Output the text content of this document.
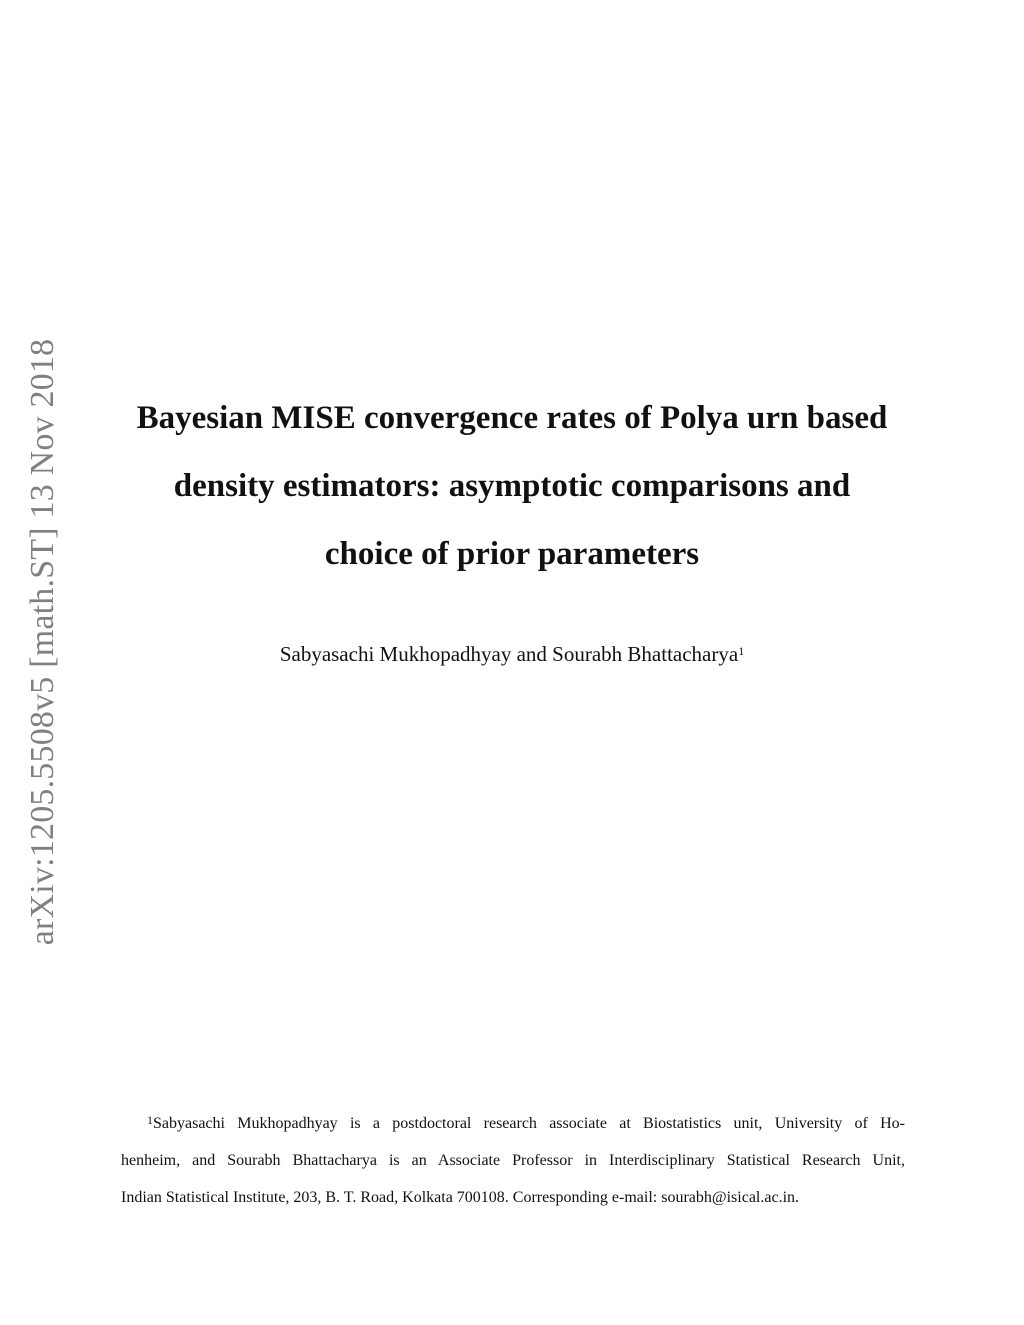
arXiv:1205.5508v5 [math.ST] 13 Nov 2018	Bayesian MISE convergence rates of Polya urn based
density estimators: asymptotic comparisons and
choice of prior parameters
Sabyasachi Mukhopadhyay and Sourabh Bhattacharya$^1$
$^1$Sabyasachi Mukhopadhyay is a postdoctoral research associate at Biostatistics unit, University of Ho-
henheim, and Sourabh Bhattacharya is an Associate Professor in Interdisciplinary Statistical Research Unit,
Indian Statistical Institute, 203, B. T. Road, Kolkata 700108. Corresponding e-mail: sourabh@isical.ac.in.
